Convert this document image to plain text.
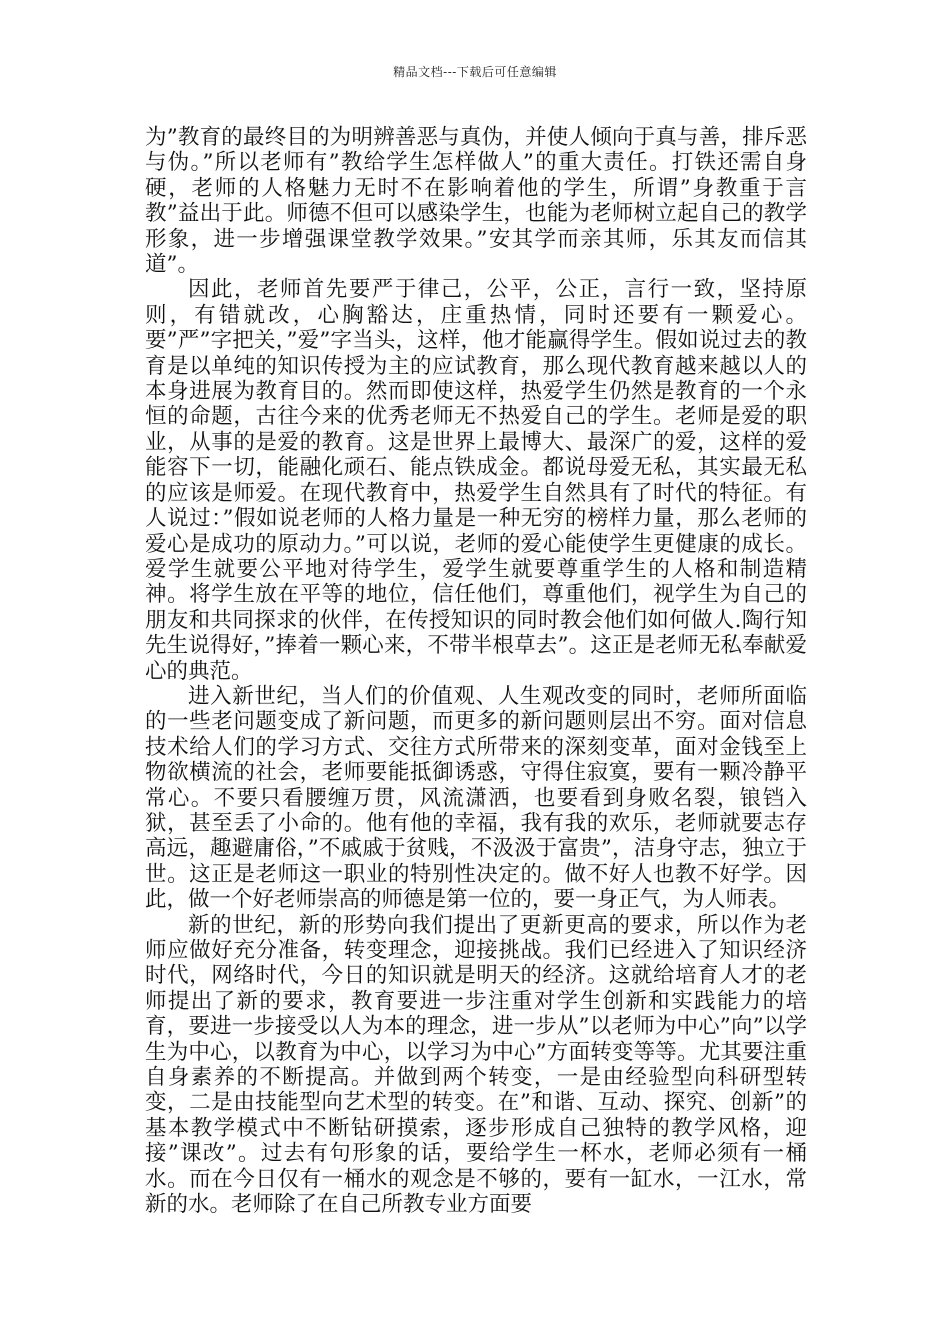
精品文档---下载后可任意编辑

为”教育的最终目的为明辨善恶与真伪，并使人倾向于真与善，排斥恶与伪。”所以老师有”教给学生怎样做人”的重大责任。打铁还需自身硬，老师的人格魅力无时不在影响着他的学生，所谓”身教重于言教”益出于此。师德不但可以感染学生，也能为老师树立起自己的教学形象，进一步增强课堂教学效果。”安其学而亲其师，乐其友而信其道”。

因此，老师首先要严于律己，公平，公正，言行一致，坚持原则，有错就改，心胸豁达，庄重热情，同时还要有一颗爱心。要”严”字把关，”爱”字当头，这样，他才能赢得学生。假如说过去的教育是以单纯的知识传授为主的应试教育，那么现代教育越来越以人的本身进展为教育目的。然而即使这样，热爱学生仍然是教育的一个永恒的命题，古往今来的优秀老师无不热爱自己的学生。老师是爱的职业，从事的是爱的教育。这是世界上最博大、最深广的爱，这样的爱能容下一切，能融化顽石、能点铁成金。都说母爱无私，其实最无私的应该是师爱。在现代教育中，热爱学生自然具有了时代的特征。有人说过：”假如说老师的人格力量是一种无穷的榜样力量，那么老师的爱心是成功的原动力。”可以说，老师的爱心能使学生更健康的成长。爱学生就要公平地对待学生，爱学生就要尊重学生的人格和制造精神。将学生放在平等的地位，信任他们，尊重他们，视学生为自己的朋友和共同探求的伙伴，在传授知识的同时教会他们如何做人.陶行知先生说得好，”捧着一颗心来，不带半根草去”。这正是老师无私奉献爱心的典范。

进入新世纪，当人们的价值观、人生观改变的同时，老师所面临的一些老问题变成了新问题，而更多的新问题则层出不穷。面对信息技术给人们的学习方式、交往方式所带来的深刻变革，面对金钱至上物欲横流的社会，老师要能抵御诱惑，守得住寂寞，要有一颗冷静平常心。不要只看腰缠万贯，风流潇洒，也要看到身败名裂，锒铛入狱，甚至丢了小命的。他有他的幸福，我有我的欢乐，老师就要志存高远，趣避庸俗，”不戚戚于贫贱，不汲汲于富贵”，洁身守志，独立于世。这正是老师这一职业的特别性决定的。做不好人也教不好学。因此，做一个好老师崇高的师德是第一位的，要一身正气，为人师表。

新的世纪，新的形势向我们提出了更新更高的要求，所以作为老师应做好充分准备，转变理念，迎接挑战。我们已经进入了知识经济时代，网络时代，今日的知识就是明天的经济。这就给培育人才的老师提出了新的要求，教育要进一步注重对学生创新和实践能力的培育，要进一步接受以人为本的理念，进一步从”以老师为中心”向”以学生为中心，以教育为中心，以学习为中心”方面转变等等。尤其要注重自身素养的不断提高。并做到两个转变，一是由经验型向科研型转变，二是由技能型向艺术型的转变。在”和谐、互动、探究、创新”的基本教学模式中不断钻研摸索，逐步形成自己独特的教学风格，迎接”课改”。过去有句形象的话，要给学生一杯水，老师必须有一桶水。而在今日仅有一桶水的观念是不够的，要有一缸水，一江水，常新的水。老师除了在自己所教专业方面要
